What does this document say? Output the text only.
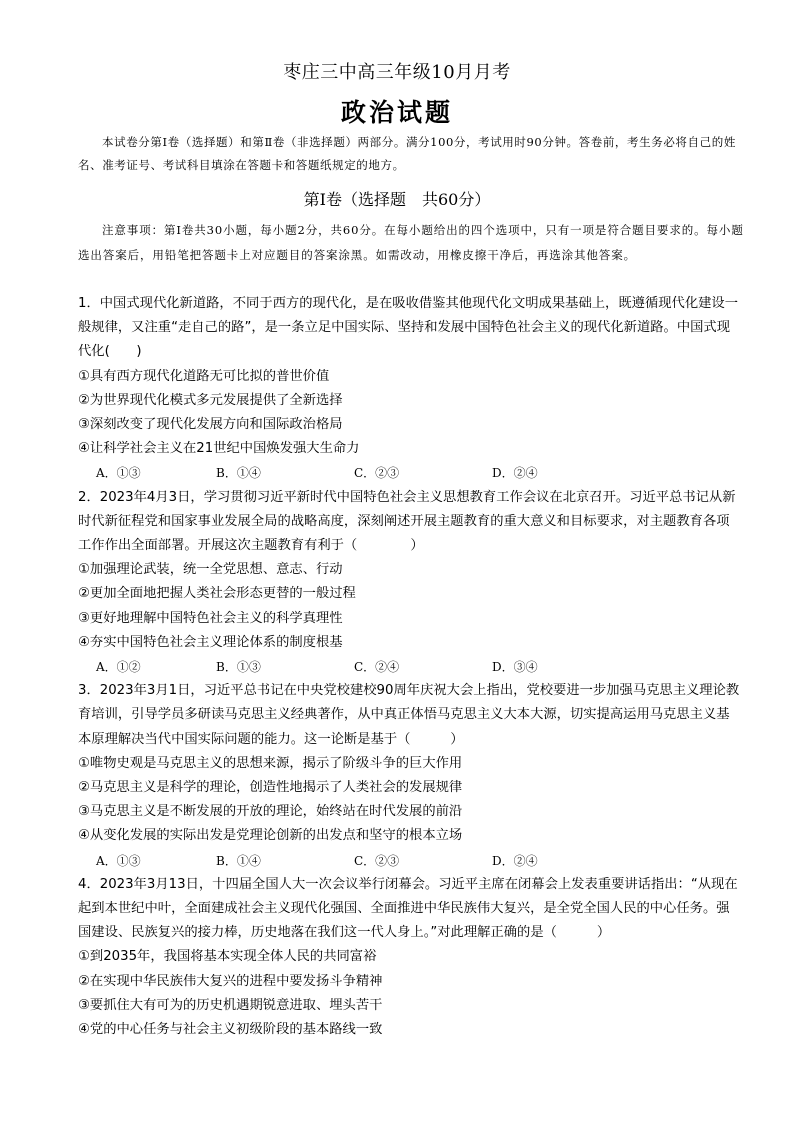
枣庄三中高三年级10月月考
政治试题
本试卷分第Ⅰ卷（选择题）和第Ⅱ卷（非选择题）两部分。满分100分，考试用时90分钟。答卷前，考生务必将自己的姓名、准考证号、考试科目填涂在答题卡和答题纸规定的地方。
第Ⅰ卷（选择题　共60分）
注意事项：第Ⅰ卷共30小题，每小题2分，共60分。在每小题给出的四个选项中，只有一项是符合题目要求的。每小题选出答案后，用铅笔把答题卡上对应题目的答案涂黑。如需改动，用橡皮擦干净后，再选涂其他答案。

1．中国式现代化新道路，不同于西方的现代化，是在吸收借鉴其他现代化文明成果基础上，既遵循现代化建设一般规律，又注重“走自己的路”，是一条立足中国实际、坚持和发展中国特色社会主义的现代化新道路。中国式现代化(　　)

①具有西方现代化道路无可比拟的普世价值

②为世界现代化模式多元发展提供了全新选择

③深刻改变了现代化发展方向和国际政治格局

④让科学社会主义在21世纪中国焕发强大生命力

A．①③	B．①④	C．②③	D．②④

2．2023年4月3日，学习贯彻习近平新时代中国特色社会主义思想教育工作会议在北京召开。习近平总书记从新时代新征程党和国家事业发展全局的战略高度，深刻阐述开展主题教育的重大意义和目标要求，对主题教育各项工作作出全面部署。开展这次主题教育有利于（　　　　）

①加强理论武装，统一全党思想、意志、行动

②更加全面地把握人类社会形态更替的一般过程

③更好地理解中国特色社会主义的科学真理性

④夯实中国特色社会主义理论体系的制度根基

A．①②	B．①③	C．②④	D．③④

3．2023年3月1日，习近平总书记在中央党校建校90周年庆祝大会上指出，党校要进一步加强马克思主义理论教育培训，引导学员多研读马克思主义经典著作，从中真正体悟马克思主义大本大源，切实提高运用马克思主义基本原理解决当代中国实际问题的能力。这一论断是基于（　　　）

①唯物史观是马克思主义的思想来源，揭示了阶级斗争的巨大作用

②马克思主义是科学的理论，创造性地揭示了人类社会的发展规律

③马克思主义是不断发展的开放的理论，始终站在时代发展的前沿

④从变化发展的实际出发是党理论创新的出发点和坚守的根本立场

A．①③	B．①④	C．②③	D．②④

4．2023年3月13日，十四届全国人大一次会议举行闭幕会。习近平主席在闭幕会上发表重要讲话指出：“从现在起到本世纪中叶，全面建成社会主义现代化强国、全面推进中华民族伟大复兴，是全党全国人民的中心任务。强国建设、民族复兴的接力棒，历史地落在我们这一代人身上。”对此理解正确的是（　　　）

①到2035年，我国将基本实现全体人民的共同富裕

②在实现中华民族伟大复兴的进程中要发扬斗争精神

③要抓住大有可为的历史机遇期锐意进取、埋头苦干

④党的中心任务与社会主义初级阶段的基本路线一致
